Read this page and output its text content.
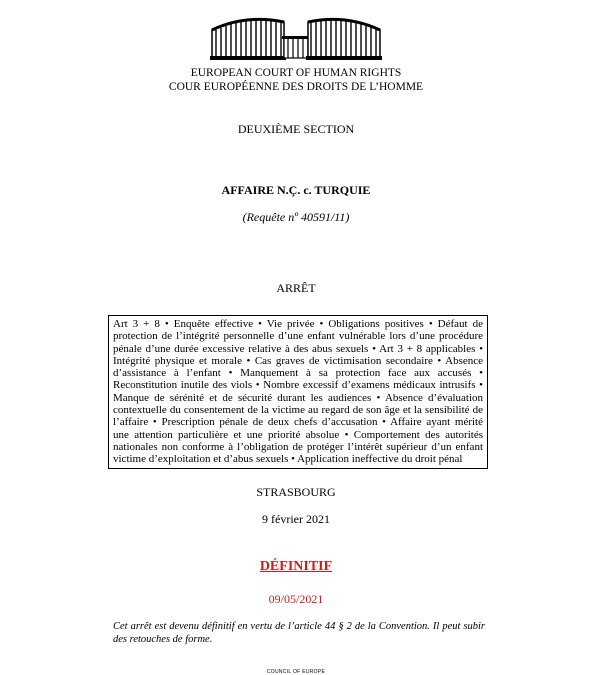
EUROPEAN COURT OF HUMAN RIGHTS
COUR EUROPÉENNE DES DROITS DE L’HOMME
DEUXIÈME SECTION
AFFAIRE N.Ç. c. TURQUIE
(Requête nº 40591/11)
ARRÊT
Art 3 + 8 • Enquête effective • Vie privée • Obligations positives • Défaut de
protection de l’intégrité personnelle d’une enfant vulnérable lors d’une procédure
pénale d’une durée excessive relative à des abus sexuels • Art 3 + 8 applicables •
Intégrité physique et morale • Cas graves de victimisation secondaire • Absence
d’assistance à l’enfant • Manquement à sa protection face aux accusés •
Reconstitution inutile des viols • Nombre excessif d’examens médicaux intrusifs •
Manque de sérénité et de sécurité durant les audiences • Absence d’évaluation
contextuelle du consentement de la victime au regard de son âge et la sensibilité de
l’affaire • Prescription pénale de deux chefs d’accusation • Affaire ayant mérité
une attention particulière et une priorité absolue • Comportement des autorités
nationales non conforme à l’obligation de protéger l’intérêt supérieur d’un enfant
victime d’exploitation et d’abus sexuels • Application ineffective du droit pénal
STRASBOURG
9 février 2021
DÉFINITIF
09/05/2021
Cet arrêt est devenu définitif en vertu de l’article 44 § 2 de la Convention. Il peut subir des retouches de forme.
COUNCIL OF EUROPE
